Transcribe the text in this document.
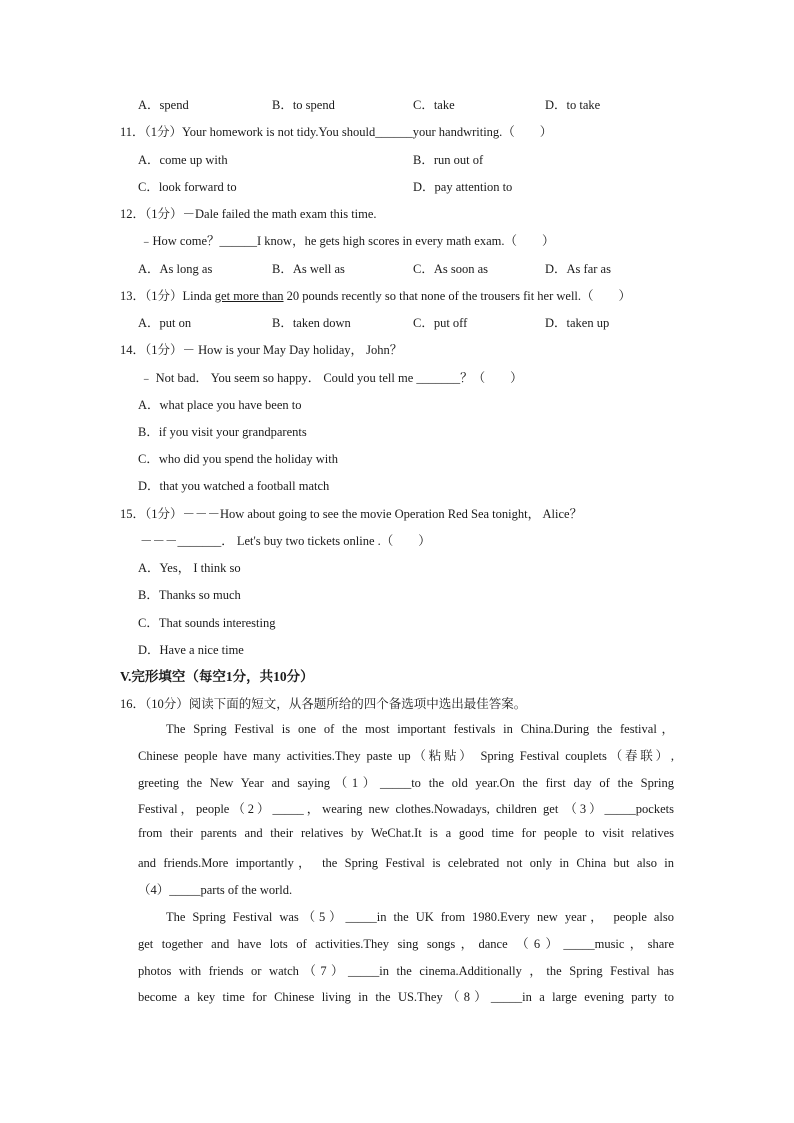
A．spend	B．to spend	C．take	D．to take
11．（1分）Your homework is not tidy.You should______your handwriting.（　　）
A．come up with	B．run out of
C．look forward to	D．pay attention to
12．（1分）－Dale failed the math exam this time.
﹣How come？______I know，he gets high scores in every math exam.（　　）
A．As long as	B．As well as	C．As soon as	D．As far as
13．（1分）Linda get more than 20 pounds recently so that none of the trousers fit her well.（　　）
A．put on	B．taken down	C．put off	D．taken up
14．（1分）－ How is your May Day holiday， John？
﹣ Not bad． You seem so happy． Could you tell me _______？（　　）
A．what place you have been to
B．if you visit your grandparents
C．who did you spend the holiday with
D．that you watched a football match
15．（1分）－－－How about going to see the movie Operation Red Sea tonight， Alice？
－－－_______． Let's buy two tickets online .（　　）
A．Yes， I think so
B．Thanks so much
C．That sounds interesting
D．Have a nice time
V.完形填空（每空1分，共10分）
16．（10分）阅读下面的短文，从各题所给的四个备选项中选出最佳答案。
The Spring Festival is one of the most important festivals in China.During the festival，
Chinese people have many activities.They paste up（粘贴） Spring Festival couplets（春联）,
greeting the New Year and saying（1）_____to the old year.On the first day of the Spring
Festival，people（2）_____，wearing new clothes.Nowadays, children get （3）_____pockets
from their parents and their relatives by WeChat.It is a good time for people to visit relatives
and friends.More importantly， the Spring Festival is celebrated not only in China but also in
（4）_____parts of the world.
The Spring Festival was（5）_____in the UK from 1980.Every new year， people also
get together and have lots of activities.They sing songs，dance （6）_____music，share
photos with friends or watch（7）_____in the cinema.Additionally ，the Spring Festival has
become a key time for Chinese living in the US.They（8）_____in a large evening party to
